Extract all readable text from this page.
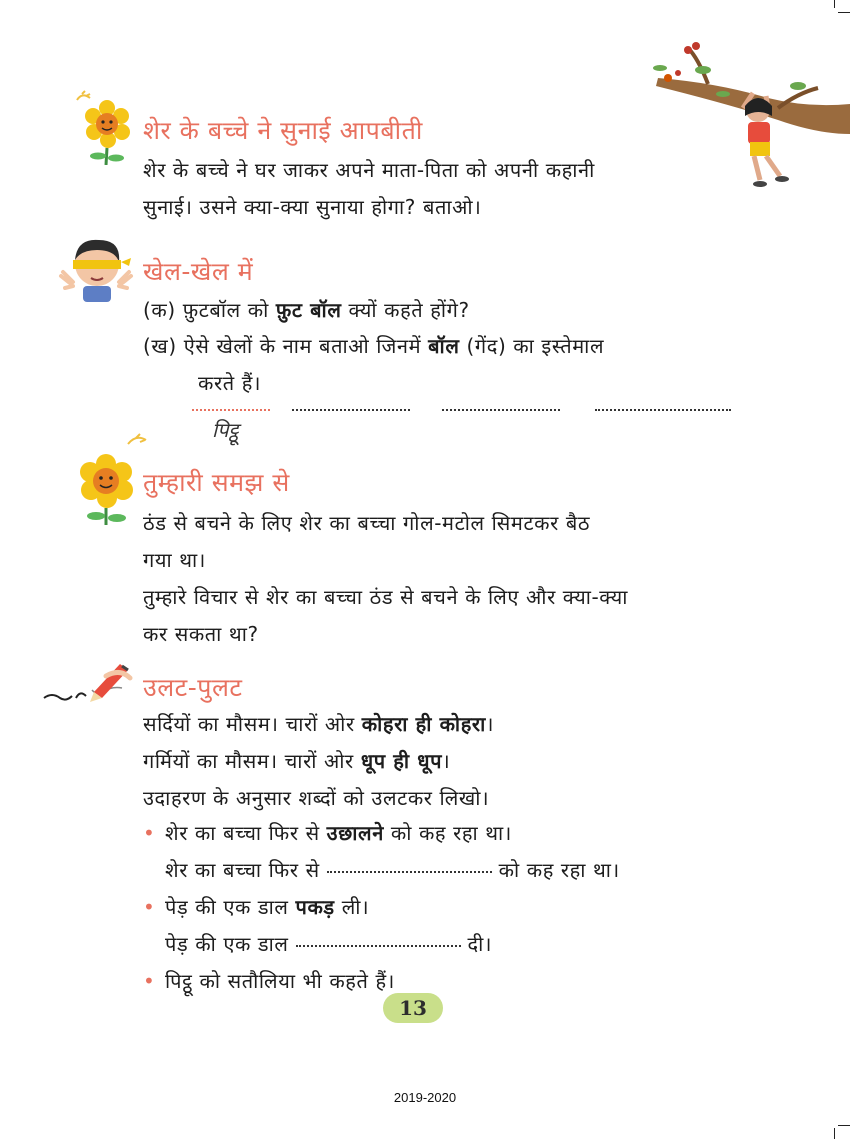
शेर के बच्चे ने सुनाई आपबीती
शेर के बच्चे ने घर जाकर अपने माता-पिता को अपनी कहानी
सुनाई। उसने क्या-क्या सुनाया होगा? बताओ।
खेल-खेल में
(क) फ़ुटबॉल को फ़ुट बॉल क्यों कहते होंगे?
(ख) ऐसे खेलों के नाम बताओ जिनमें बॉल (गेंद) का इस्तेमाल
करते हैं।
पिट्ठू
तुम्हारी समझ से
ठंड से बचने के लिए शेर का बच्चा गोल-मटोल सिमटकर बैठ
गया था।
तुम्हारे विचार से शेर का बच्चा ठंड से बचने के लिए और क्या-क्या
कर सकता था?
उलट-पुलट
सर्दियों का मौसम। चारों ओर कोहरा ही कोहरा।
गर्मियों का मौसम। चारों ओर धूप ही धूप।
उदाहरण के अनुसार शब्दों को उलटकर लिखो।
• शेर का बच्चा फिर से उछालने को कह रहा था।
शेर का बच्चा फिर से	को कह रहा था।
• पेड़ की एक डाल पकड़ ली।
पेड़ की एक डाल	दी।
• पिट्ठू को सतौलिया भी कहते हैं।
13
2019-2020
